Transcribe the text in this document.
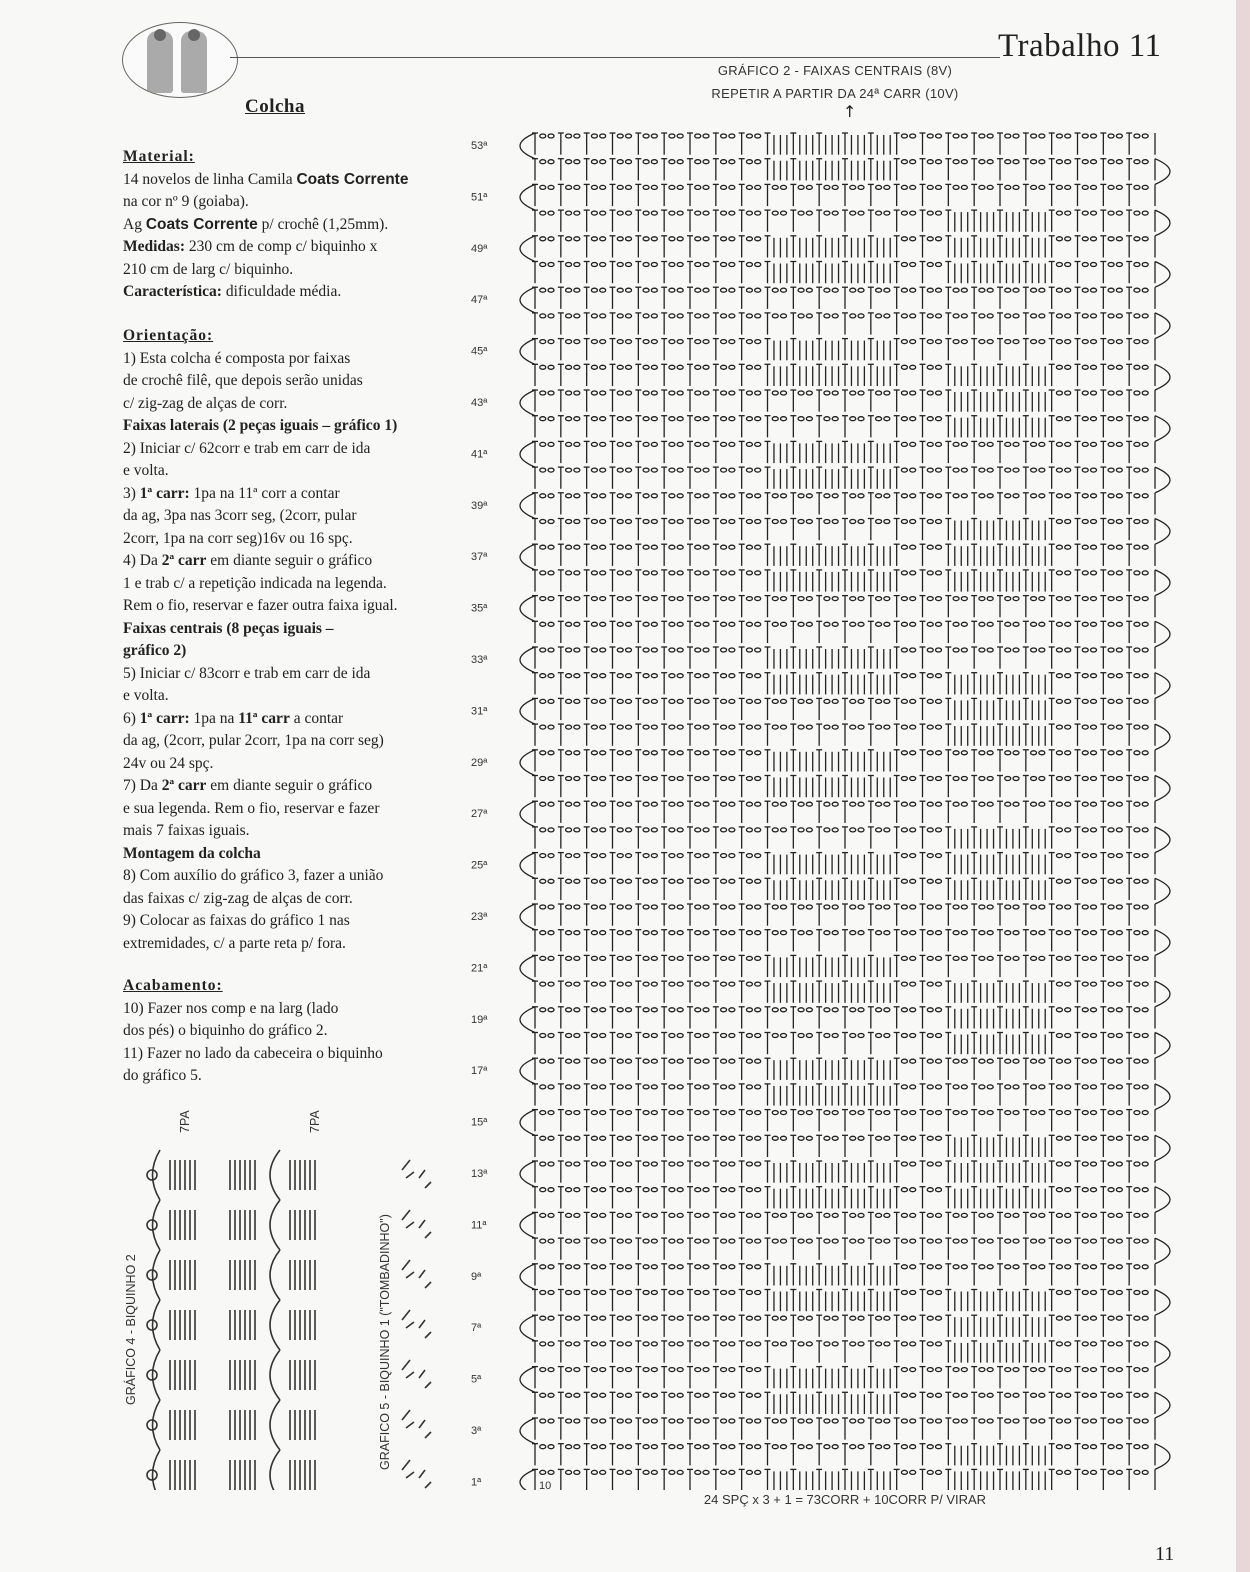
Trabalho 11
GRÁFICO 2 - FAIXAS CENTRAIS (8V)
REPETIR A PARTIR DA 24ª CARR (10V)
↑
Colcha

Material:

14 novelos de linha Camila Coats Corrente

na cor nº 9 (goiaba).

Ag Coats Corrente p/ crochê (1,25mm).

Medidas: 230 cm de comp c/ biquinho x

210 cm de larg c/ biquinho.

Característica: dificuldade média.

Orientação:

1) Esta colcha é composta por faixas

de crochê filê, que depois serão unidas

c/ zig-zag de alças de corr.

Faixas laterais (2 peças iguais – gráfico 1)

2) Iniciar c/ 62corr e trab em carr de ida

e volta.

3) 1ª carr: 1pa na 11ª corr a contar

da ag, 3pa nas 3corr seg, (2corr, pular

2corr, 1pa na corr seg)16v ou 16 spç.

4) Da 2ª carr em diante seguir o gráfico

1 e trab c/ a repetição indicada na legenda.

Rem o fio, reservar e fazer outra faixa igual.

Faixas centrais (8 peças iguais –

gráfico 2)

5) Iniciar c/ 83corr e trab em carr de ida

e volta.

6) 1ª carr: 1pa na 11ª carr a contar

da ag, (2corr, pular 2corr, 1pa na corr seg)

24v ou 24 spç.

7) Da 2ª carr em diante seguir o gráfico

e sua legenda. Rem o fio, reservar e fazer

mais 7 faixas iguais.

Montagem da colcha

8) Com auxílio do gráfico 3, fazer a união

das faixas c/ zig-zag de alças de corr.

9) Colocar as faixas do gráfico 1 nas

extremidades, c/ a parte reta p/ fora.

Acabamento:

10) Fazer nos comp e na larg (lado

dos pés) o biquinho do gráfico 2.

11) Fazer no lado da cabeceira o biquinho

do gráfico 5.

GRÁFICO 4 - BIQUINHO 2	GRAFICO 5 - BIQUINHO 1 ("TOMBADINHO")
7PA	7PA
53ª
51ª
49ª
47ª
45ª
43ª
41ª
39ª
37ª
35ª
33ª
31ª
29ª
27ª
25ª
23ª
21ª
19ª
17ª
15ª
13ª
11ª
9ª
7ª
5ª
3ª
1ª	10
24 SPÇ x 3 + 1 = 73CORR + 10CORR P/ VIRAR
11
